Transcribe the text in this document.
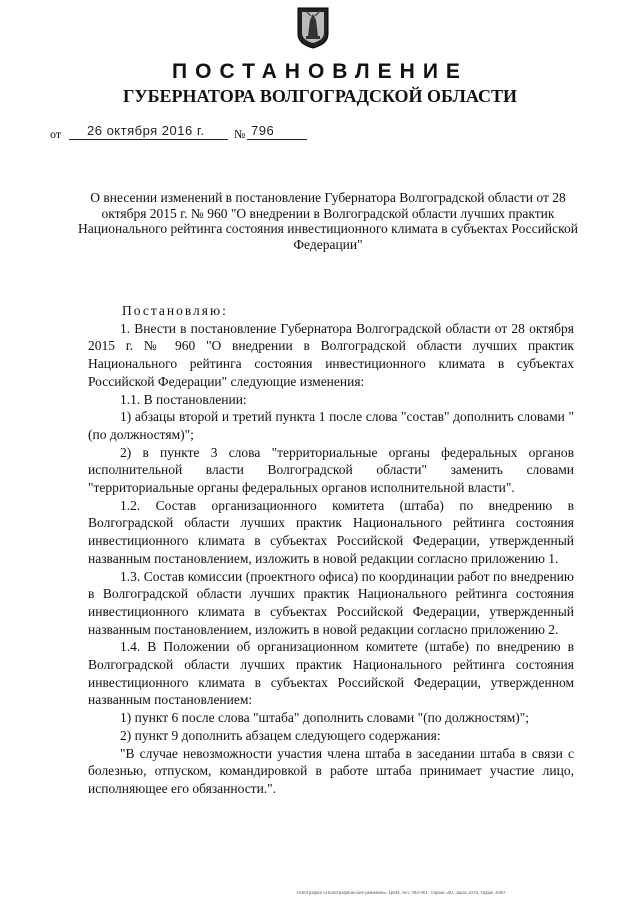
ПОСТАНОВЛЕНИЕ
ГУБЕРНАТОРА ВОЛГОГРАДСКОЙ ОБЛАСТИ
от 26 октября 2016 г. № 796
О внесении изменений в постановление Губернатора Волгоградской области от 28 октября 2015 г. № 960 "О внедрении в Волгоградской области лучших практик Национального рейтинга состояния инвестиционного климата в субъектах Российской Федерации"

Постановляю:

1. Внести в постановление Губернатора Волгоградской области от 28 октября 2015 г. № 960 "О внедрении в Волгоградской области лучших практик Национального рейтинга состояния инвестиционного климата в субъектах Российской Федерации" следующие изменения:

1.1. В постановлении:

1) абзацы второй и третий пункта 1 после слова "состав" дополнить словами "(по должностям)";

2) в пункте 3 слова "территориальные органы федеральных органов исполнительной власти Волгоградской области" заменить словами "территориальные органы федеральных органов исполнительной власти".

1.2. Состав организационного комитета (штаба) по внедрению в Волгоградской области лучших практик Национального рейтинга состояния инвестиционного климата в субъектах Российской Федерации, утвержденный названным постановлением, изложить в новой редакции согласно приложению 1.

1.3. Состав комиссии (проектного офиса) по координации работ по внедрению в Волгоградской области лучших практик Национального рейтинга состояния инвестиционного климата в субъектах Российской Федерации, утвержденный названным постановлением, изложить в новой редакции согласно приложению 2.

1.4. В Положении об организационном комитете (штабе) по внедрению в Волгоградской области лучших практик Национального рейтинга состояния инвестиционного климата в субъектах Российской Федерации, утвержденном названным постановлением:

1) пункт 6 после слова "штаба" дополнить словами "(по должностям)";

2) пункт 9 дополнить абзацем следующего содержания:

"В случае невозможности участия члена штаба в заседании штаба в связи с болезнью, отпуском, командировкой в работе штаба принимает участие лицо, исполняющее его обязанности.".

Типография «Полиграфические решения». ЦНИ, тел. 904-901. Тираж 500. Заказ 2016, тираж 3000
